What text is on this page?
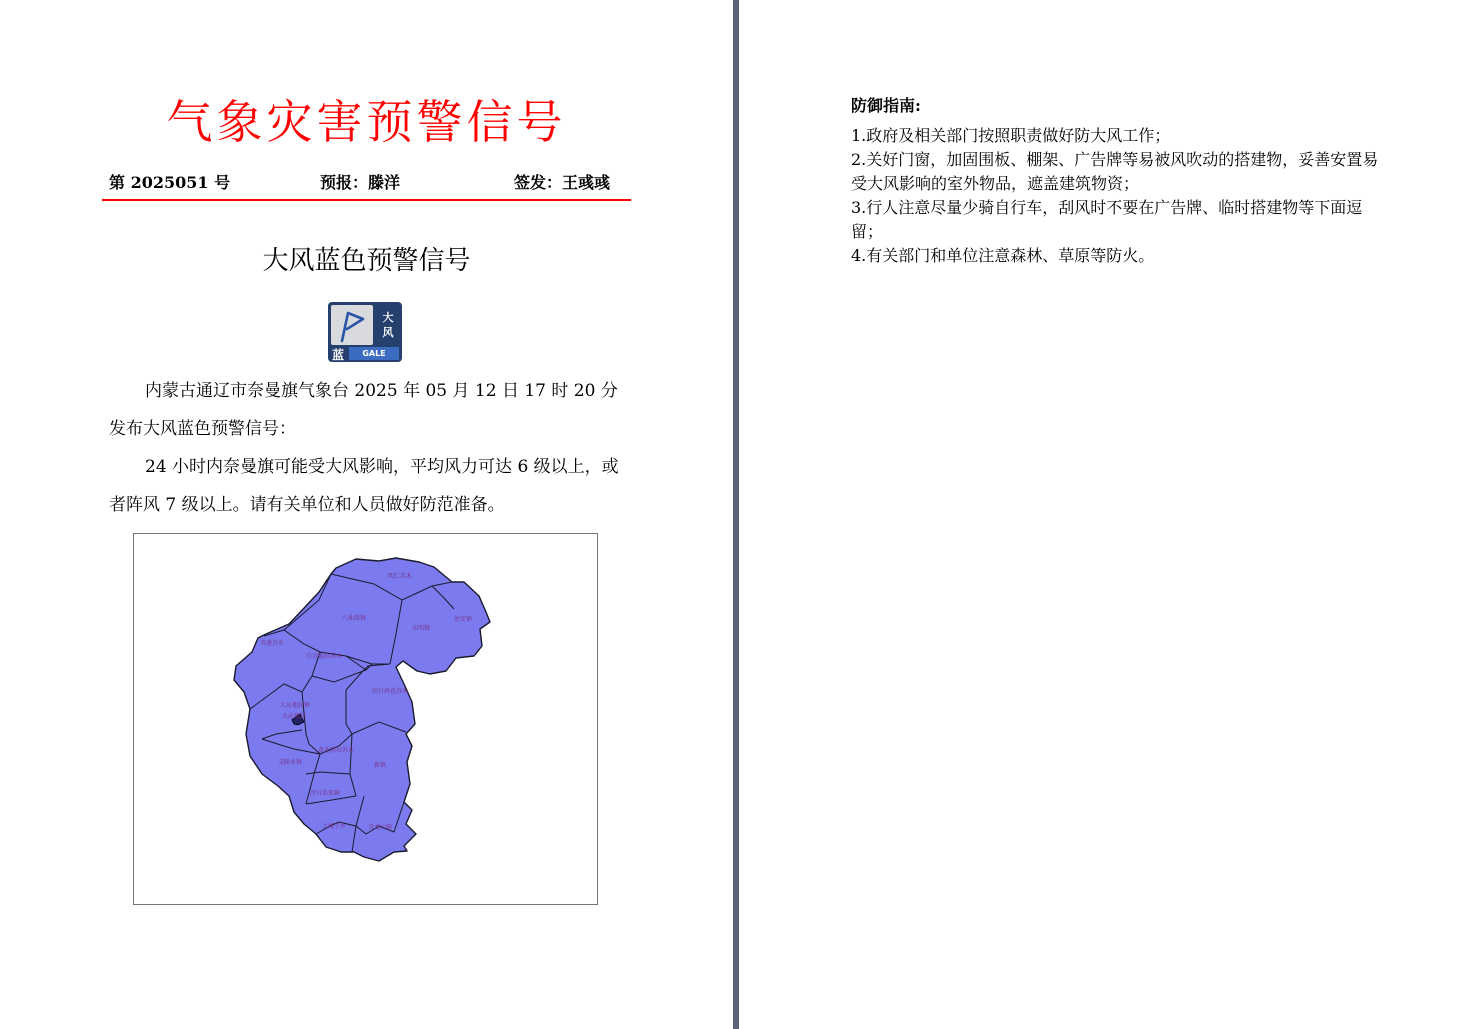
气象灾害预警信号
第 2025051 号	预报：滕洋	签发：王彧彧
大风蓝色预警信号
大
风
蓝	GALE
内蒙古通辽市奈曼旗气象台 2025 年 05 月 12 日 17 时 20 分发布大风蓝色预警信号：
24 小时内奈曼旗可能受大风影响，平均风力可达 6 级以上，或者阵风 7 级以上。请有关单位和人员做好防范准备。
明仁苏木
八仙筒镇
东明镇
治安镇
苇莲苏乡
白音他拉苏木
固日班花苏木
大沁他拉镇
大沁他拉
黄花塔拉苏木
义隆永镇	新镇
沙日浩来镇
土城子乡	青龙山镇
防御指南:
1.政府及相关部门按照职责做好防大风工作；
2.关好门窗，加固围板、棚架、广告牌等易被风吹动的搭建物，妥善安置易受大风影响的室外物品，遮盖建筑物资；
3.行人注意尽量少骑自行车，刮风时不要在广告牌、临时搭建物等下面逗留；
4.有关部门和单位注意森林、草原等防火。
